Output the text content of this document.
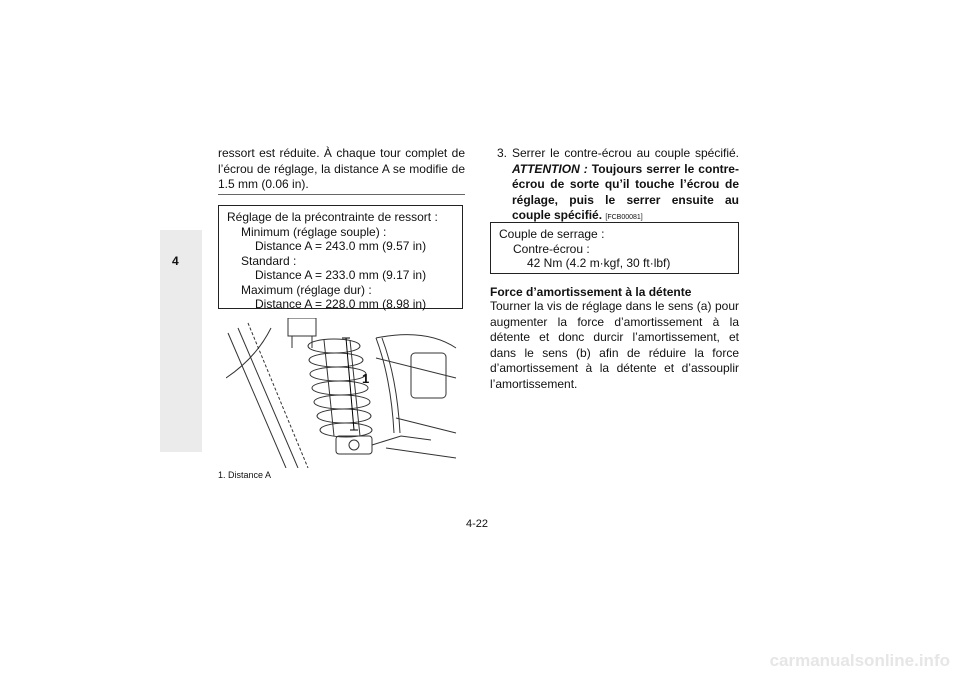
4
ressort est réduite. À chaque tour complet de l’écrou de réglage, la distance A se modifie de 1.5 mm (0.06 in).
Réglage de la précontrainte de ressort :
Minimum (réglage souple) :
Distance A = 243.0 mm (9.57 in)
Standard :
Distance A = 233.0 mm (9.17 in)
Maximum (réglage dur) :
Distance A = 228.0 mm (8.98 in)
1
1. Distance A
3. Serrer le contre-écrou au couple spécifié. ATTENTION : Toujours serrer le contre-écrou de sorte qu’il touche l’écrou de réglage, puis le serrer ensuite au couple spécifié. [FCB00081]
Couple de serrage :
Contre-écrou :
42 Nm (4.2 m·kgf, 30 ft·lbf)
Force d’amortissement à la détente
Tourner la vis de réglage dans le sens (a) pour augmenter la force d’amortissement à la détente et donc durcir l’amortissement, et dans le sens (b) afin de réduire la force d’amortissement à la détente et d’assouplir l’amortissement.
4-22
carmanualsonline.info
